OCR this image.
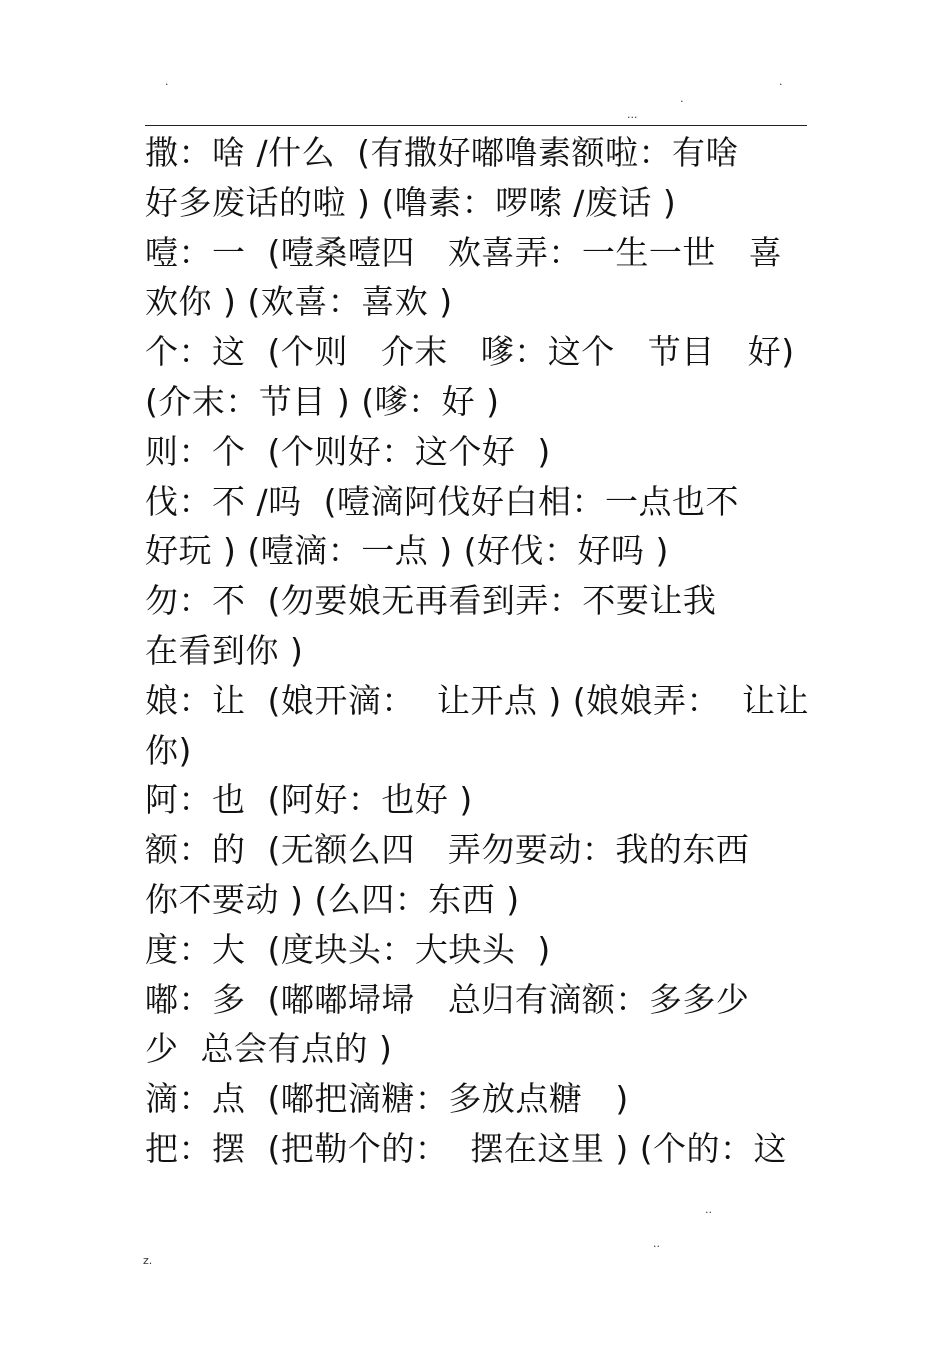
.	.
.
...
撒：啥 /什么  (有撒好嘟噜素额啦：有啥
好多废话的啦 ) (噜素：啰嗦 /废话 )
噎：一  (噎桑噎四   欢喜弄：一生一世   喜
欢你 ) (欢喜：喜欢 )
个：这  (个则   介末   嗲：这个   节目   好)
(介末：节目 ) (嗲：好 )
则：个  (个则好：这个好  )
伐：不 /吗  (噎滴阿伐好白相：一点也不
好玩 ) (噎滴：一点 ) (好伐：好吗 )
勿：不  (勿要娘无再看到弄：不要让我
在看到你 )
娘：让  (娘开滴：  让开点 ) (娘娘弄：  让让
你)
阿：也  (阿好：也好 )
额：的  (无额么四   弄勿要动：我的东西
你不要动 ) (么四：东西 )
度：大  (度块头：大块头  )
嘟：多  (嘟嘟埽埽   总归有滴额：多多少
少  总会有点的 )
滴：点  (嘟把滴糖：多放点糖   )
把：摆  (把勒个的：  摆在这里 ) (个的：这
..
..
z.
